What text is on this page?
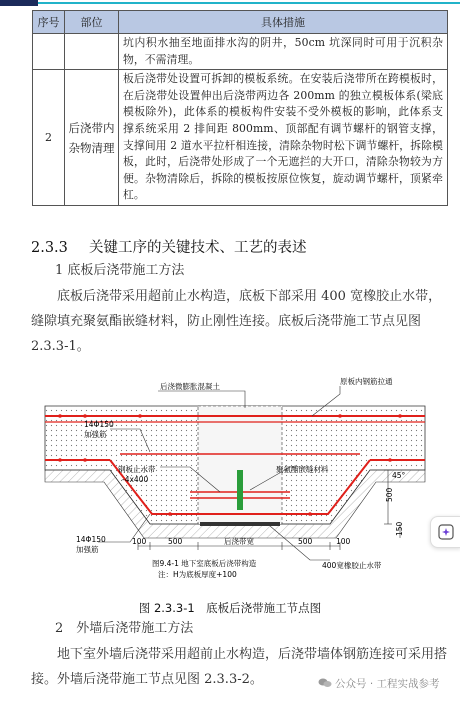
序号	部位	具体措施
		坑内积水抽至地面排水沟的阴井，50cm 坑深同时可用于沉积杂物，不需清理。
2	后浇带内杂物清理	板后浇带处设置可拆卸的模板系统。在安装后浇带所在跨模板时，在后浇带处设置伸出后浇带两边各 200mm 的独立模板体系(梁底模板除外)，此体系的模板构件安装不受外模板的影响，此体系支撑系统采用 2 排间距 800mm、顶部配有调节螺杆的钢管支撑，支撑间用 2 道水平拉杆相连接，清除杂物时松下调节螺杆，拆除模板，此时，后浇带处形成了一个无遮拦的大开口，清除杂物较为方便。杂物清除后，拆除的模板按原位恢复，旋动调节螺杆，顶紧牵杠。
2.3.3 关键工序的关键技术、工艺的表述
1 底板后浇带施工方法
底板后浇带采用超前止水构造，底板下部采用 400 宽橡胶止水带，缝隙填充聚氨酯嵌缝材料，防止刚性连接。底板后浇带施工节点见图 2.3.3-1。
后浇微膨胀混凝土
原板内钢筋拉通
14Φ150
加强筋
钢板止水带
-4x400
聚氨酯嵌缝材料
14Φ150
加强筋
100	500	后浇带宽	500	100
45°
500
150
图9.4-1 地下室底板后浇带构造
注：H为底板厚度+100
400宽橡胶止水带
图 2.3.3-1　底板后浇带施工节点图
2　外墙后浇带施工方法
地下室外墙后浇带采用超前止水构造，后浇带墙体钢筋连接可采用搭接。外墙后浇带施工节点见图 2.3.3-2。	公众号 · 工程实战参考
